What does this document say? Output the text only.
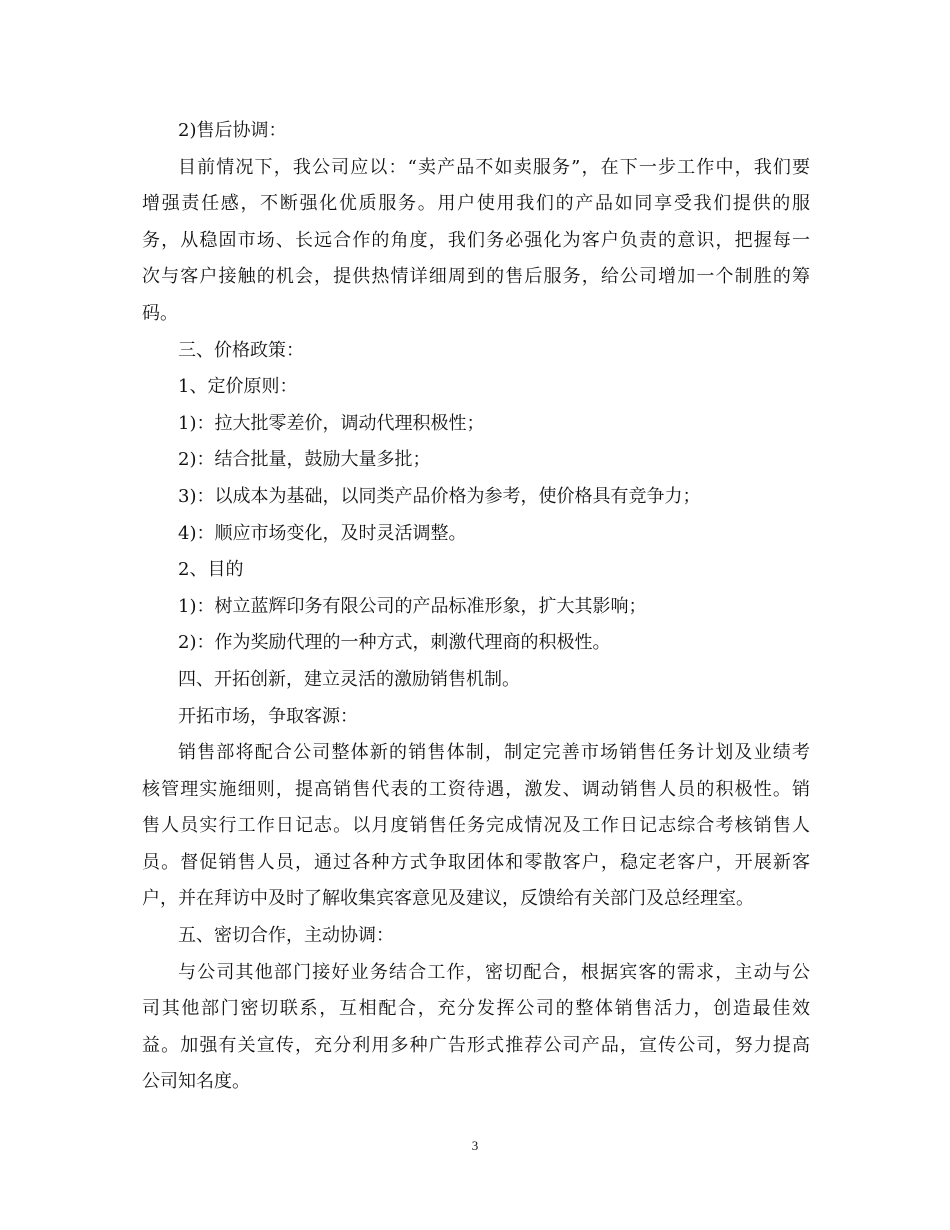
2)售后协调：
目前情况下，我公司应以：“卖产品不如卖服务”，在下一步工作中，我们要
增强责任感，不断强化优质服务。用户使用我们的产品如同享受我们提供的服
务，从稳固市场、长远合作的角度，我们务必强化为客户负责的意识，把握每一
次与客户接触的机会，提供热情详细周到的售后服务，给公司增加一个制胜的筹
码。
三、价格政策：
1、定价原则：
1)：拉大批零差价，调动代理积极性；
2)：结合批量，鼓励大量多批；
3)：以成本为基础，以同类产品价格为参考，使价格具有竞争力；
4)：顺应市场变化，及时灵活调整。
2、目的
1)：树立蓝辉印务有限公司的产品标准形象，扩大其影响；
2)：作为奖励代理的一种方式，刺激代理商的积极性。
四、开拓创新，建立灵活的激励销售机制。
开拓市场，争取客源：
销售部将配合公司整体新的销售体制，制定完善市场销售任务计划及业绩考
核管理实施细则，提高销售代表的工资待遇，激发、调动销售人员的积极性。销
售人员实行工作日记志。以月度销售任务完成情况及工作日记志综合考核销售人
员。督促销售人员，通过各种方式争取团体和零散客户，稳定老客户，开展新客
户，并在拜访中及时了解收集宾客意见及建议，反馈给有关部门及总经理室。
五、密切合作，主动协调：
与公司其他部门接好业务结合工作，密切配合，根据宾客的需求，主动与公
司其他部门密切联系，互相配合，充分发挥公司的整体销售活力，创造最佳效
益。加强有关宣传，充分利用多种广告形式推荐公司产品，宣传公司，努力提高
公司知名度。
3
